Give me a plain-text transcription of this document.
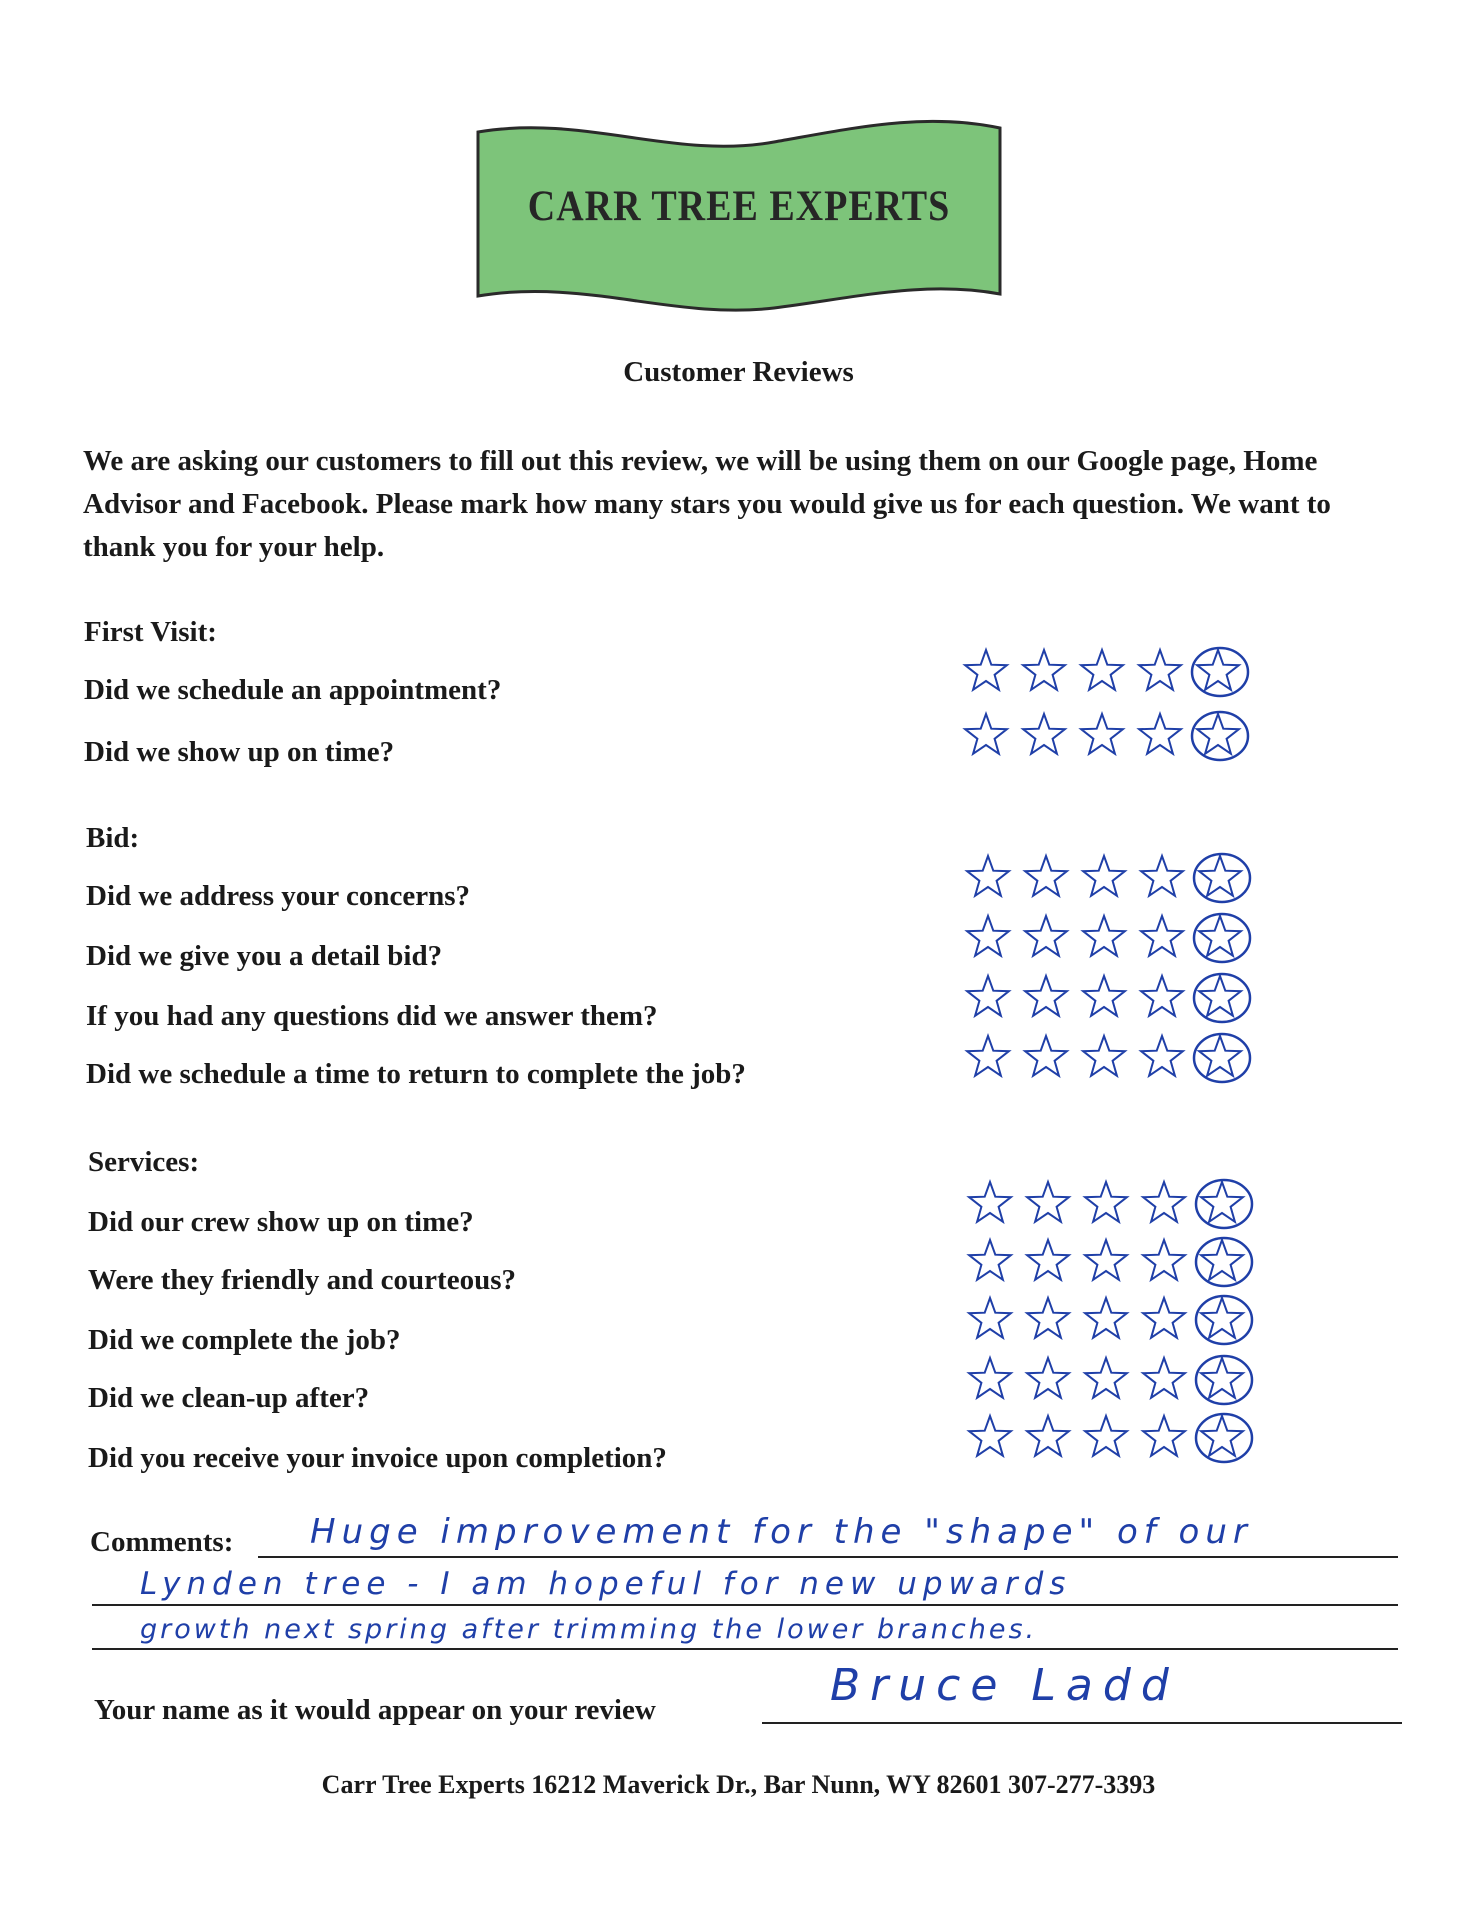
CARR TREE EXPERTS
Customer Reviews
We are asking our customers to fill out this review, we will be using them on our Google page, Home Advisor and Facebook. Please mark how many stars you would give us for each question. We want to thank you for your help.
First Visit:
Did we schedule an appointment?
Did we show up on time?
Bid:
Did we address your concerns?
Did we give you a detail bid?
If you had any questions did we answer them?
Did we schedule a time to return to complete the job?
Services:
Did our crew show up on time?
Were they friendly and courteous?
Did we complete the job?
Did we clean-up after?
Did you receive your invoice upon completion?
Comments: Huge improvement for the "shape" of our
Lynden tree - I am hopeful for new upwards
growth next spring after trimming the lower branches.
Your name as it would appear on your review	Bruce Ladd
Carr Tree Experts 16212 Maverick Dr., Bar Nunn, WY 82601 307-277-3393
